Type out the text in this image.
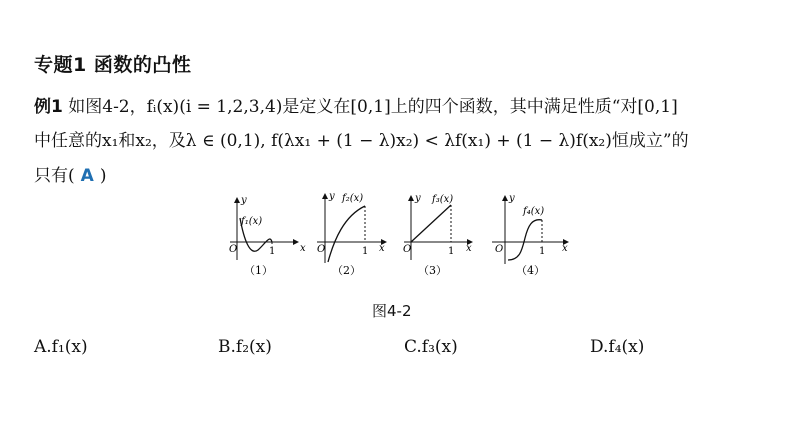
专题1 函数的凸性
例1 如图4-2，fᵢ(x)(i = 1,2,3,4)是定义在[0,1]上的四个函数，其中满足性质“对[0,1]
中任意的x₁和x₂，及λ ∈ (0,1), f(λx₁ + (1 − λ)x₂) < λf(x₁) + (1 − λ)f(x₂)恒成立”的
只有( A )
y
x
O	1
f₁(x)
（1）
y
x
O	1
f₂(x)
（2）
y
x
O	1
f₃(x)
（3）
y
x
O	1
f₄(x)
（4）
图4-2
A.f₁(x)	B.f₂(x)	C.f₃(x)	D.f₄(x)
